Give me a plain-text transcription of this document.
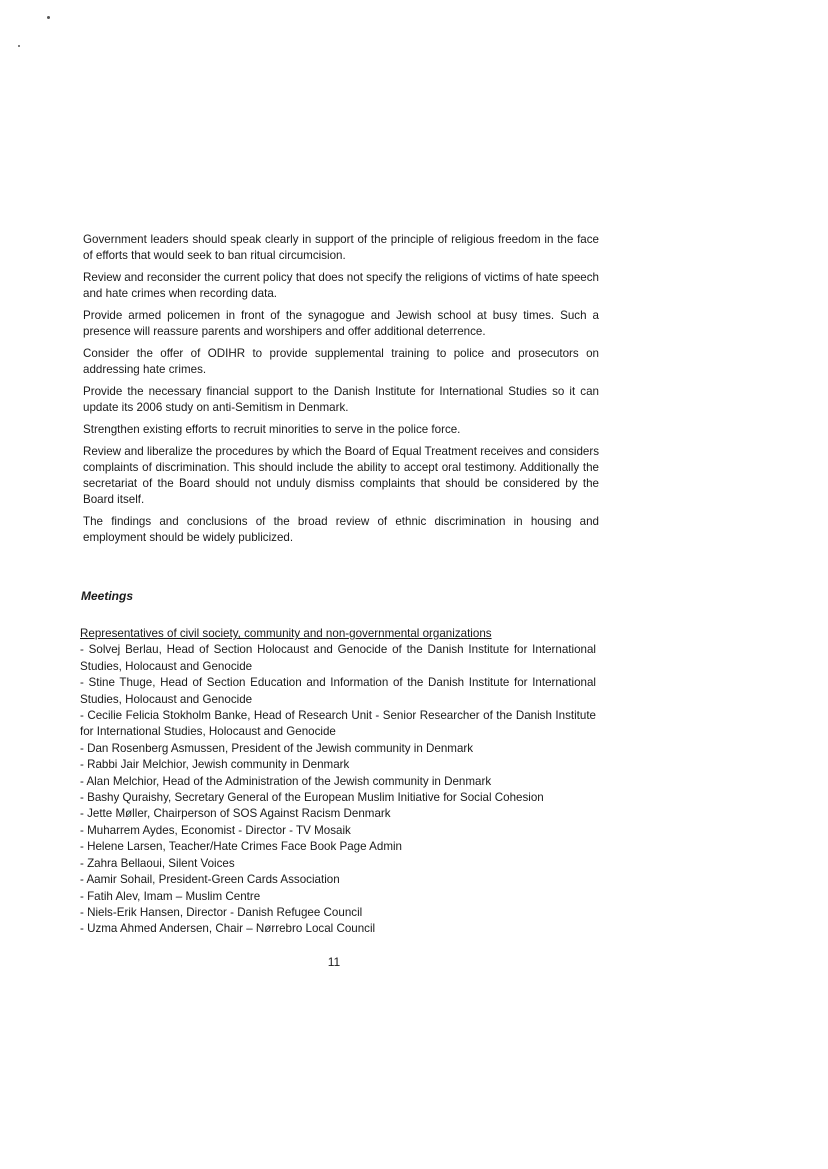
Government leaders should speak clearly in support of the principle of religious freedom in the face of efforts that would seek to ban ritual circumcision.

Review and reconsider the current policy that does not specify the religions of victims of hate speech and hate crimes when recording data.

Provide armed policemen in front of the synagogue and Jewish school at busy times. Such a presence will reassure parents and worshipers and offer additional deterrence.

Consider the offer of ODIHR to provide supplemental training to police and prosecutors on addressing hate crimes.

Provide the necessary financial support to the Danish Institute for International Studies so it can update its 2006 study on anti-Semitism in Denmark.

Strengthen existing efforts to recruit minorities to serve in the police force.

Review and liberalize the procedures by which the Board of Equal Treatment receives and considers complaints of discrimination. This should include the ability to accept oral testimony. Additionally the secretariat of the Board should not unduly dismiss complaints that should be considered by the Board itself.

The findings and conclusions of the broad review of ethnic discrimination in housing and employment should be widely publicized.

Meetings

Representatives of civil society, community and non-governmental organizations

- Solvej Berlau, Head of Section Holocaust and Genocide of the Danish Institute for International Studies, Holocaust and Genocide

- Stine Thuge, Head of Section Education and Information of the Danish Institute for International Studies, Holocaust and Genocide

- Cecilie Felicia Stokholm Banke, Head of Research Unit - Senior Researcher of the Danish Institute for International Studies, Holocaust and Genocide

- Dan Rosenberg Asmussen, President of the Jewish community in Denmark

- Rabbi Jair Melchior, Jewish community in Denmark

- Alan Melchior, Head of the Administration of the Jewish community in Denmark

- Bashy Quraishy, Secretary General of the European Muslim Initiative for Social Cohesion

- Jette Møller, Chairperson of SOS Against Racism Denmark

- Muharrem Aydes, Economist - Director - TV Mosaik

- Helene Larsen, Teacher/Hate Crimes Face Book Page Admin

- Zahra Bellaoui, Silent Voices

- Aamir Sohail, President-Green Cards Association

- Fatih Alev, Imam – Muslim Centre

- Niels-Erik Hansen, Director - Danish Refugee Council

- Uzma Ahmed Andersen, Chair – Nørrebro Local Council

11
